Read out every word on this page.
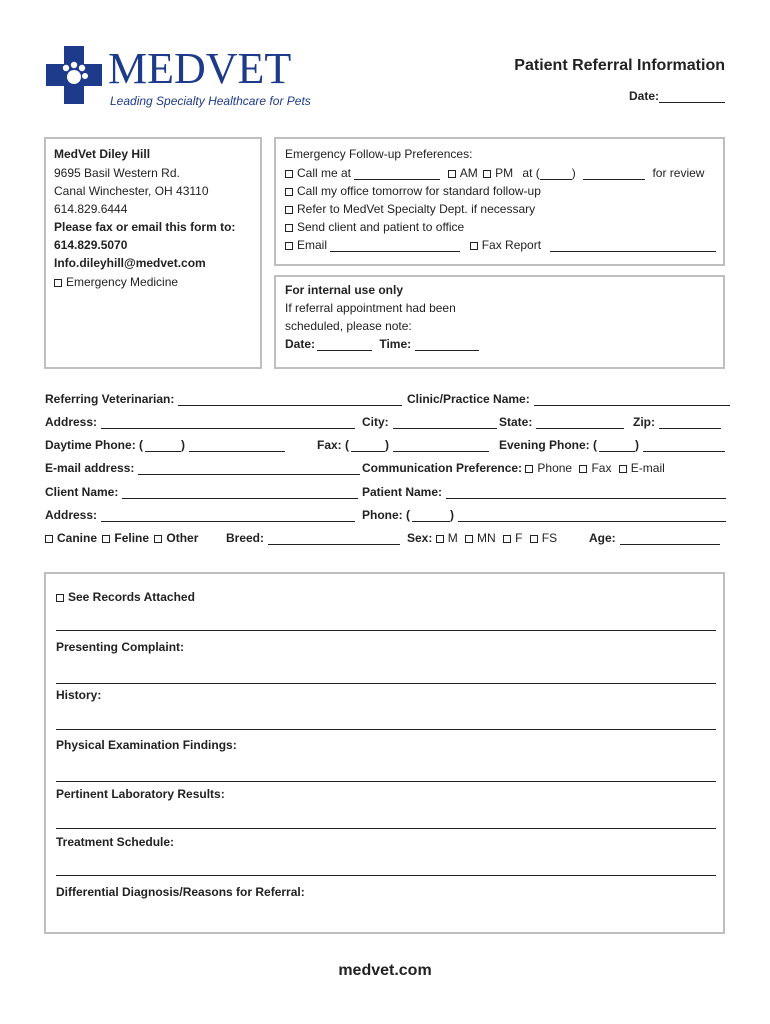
MEDVET
Leading Specialty Healthcare for Pets
Patient Referral Information
Date:
MedVet Diley Hill
9695 Basil Western Rd.
Canal Winchester, OH 43110
614.829.6444
Please fax or email this form to:
614.829.5070
Info.dileyhill@medvet.com
Emergency Medicine
Emergency Follow-up Preferences:
Call me at	AM PM at (	)	for review
Call my office tomorrow for standard follow-up
Refer to MedVet Specialty Dept. if necessary
Send client and patient to office
Email	Fax Report
For internal use only
If referral appointment had been
scheduled, please note:
Date:	Time:
Referring Veterinarian:	Clinic/Practice Name:
Address:	City:	State:	Zip:
Daytime Phone: (	)	Fax: (	)	Evening Phone: (	)
E-mail address:	Communication Preference: Phone Fax E-mail
Client Name:	Patient Name:
Address:	Phone: (	)
Canine Feline Other Breed:	Sex: M MN F FS	Age:
See Records Attached
Presenting Complaint:
History:
Physical Examination Findings:
Pertinent Laboratory Results:
Treatment Schedule:
Differential Diagnosis/Reasons for Referral:
medvet.com
